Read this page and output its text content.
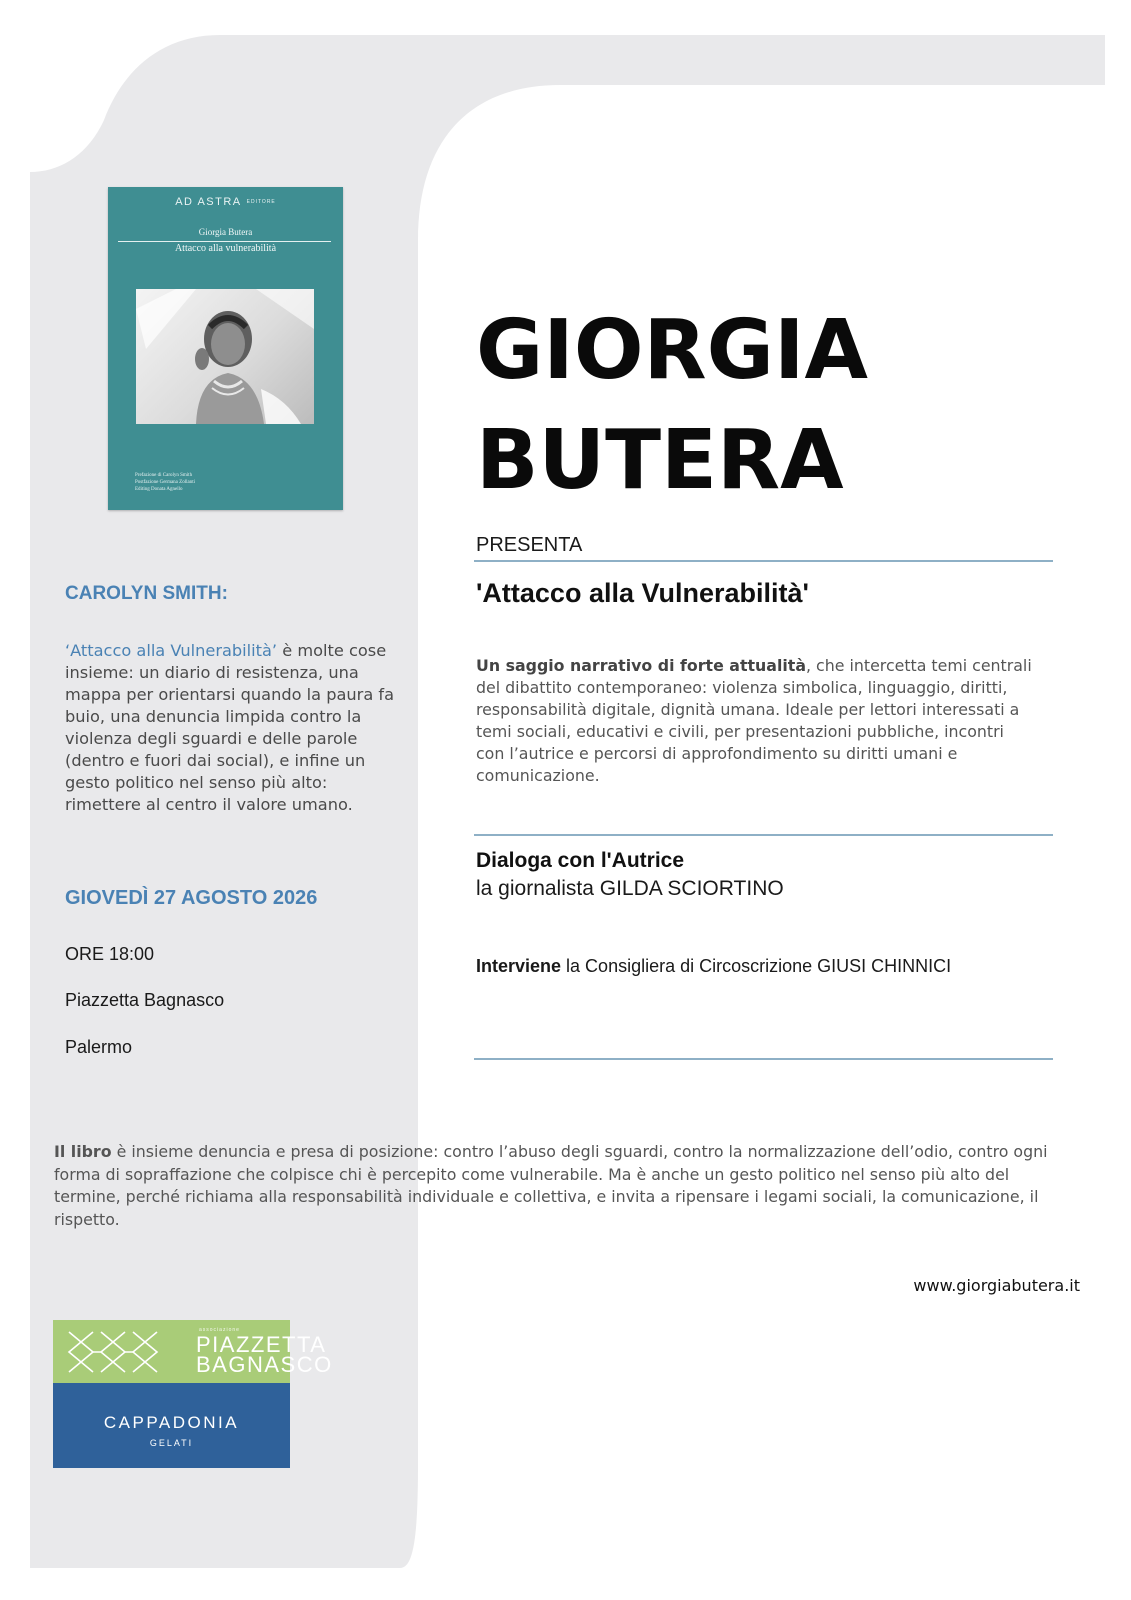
AD ASTRA EDITORE
Giorgia Butera
Attacco alla vulnerabilità
Prefazione di Carolyn Smith
Postfazione Germana Zollanti
Editing Donata Agnello
CAROLYN SMITH:

‘Attacco alla Vulnerabilità’ è molte cose insieme: un diario di resistenza, una mappa per orientarsi quando la paura fa buio, una denuncia limpida contro la violenza degli sguardi e delle parole (dentro e fuori dai social), e infine un gesto politico nel senso più alto: rimettere al centro il valore umano.

GIOVEDÌ 27 AGOSTO 2026
ORE 18:00
Piazzetta Bagnasco
Palermo
GIORGIA
BUTERA
PRESENTA
'Attacco alla Vulnerabilità'

Un saggio narrativo di forte attualità, che intercetta temi centrali del dibattito contemporaneo: violenza simbolica, linguaggio, diritti, responsabilità digitale, dignità umana. Ideale per lettori interessati a temi sociali, educativi e civili, per presentazioni pubbliche, incontri con l’autrice e percorsi di approfondimento su diritti umani e comunicazione.

Dialoga con l'Autrice
la giornalista GILDA SCIORTINO
Interviene la Consigliera di Circoscrizione GIUSI CHINNICI

Il libro è insieme denuncia e presa di posizione: contro l’abuso degli sguardi, contro la normalizzazione dell’odio, contro ogni forma di sopraffazione che colpisce chi è percepito come vulnerabile. Ma è anche un gesto politico nel senso più alto del termine, perché richiama alla responsabilità individuale e collettiva, e invita a ripensare i legami sociali, la comunicazione, il rispetto.

www.giorgiabutera.it
associazione
PIAZZETTA
BAGNASCO
CAPPADONIA
GELATI
